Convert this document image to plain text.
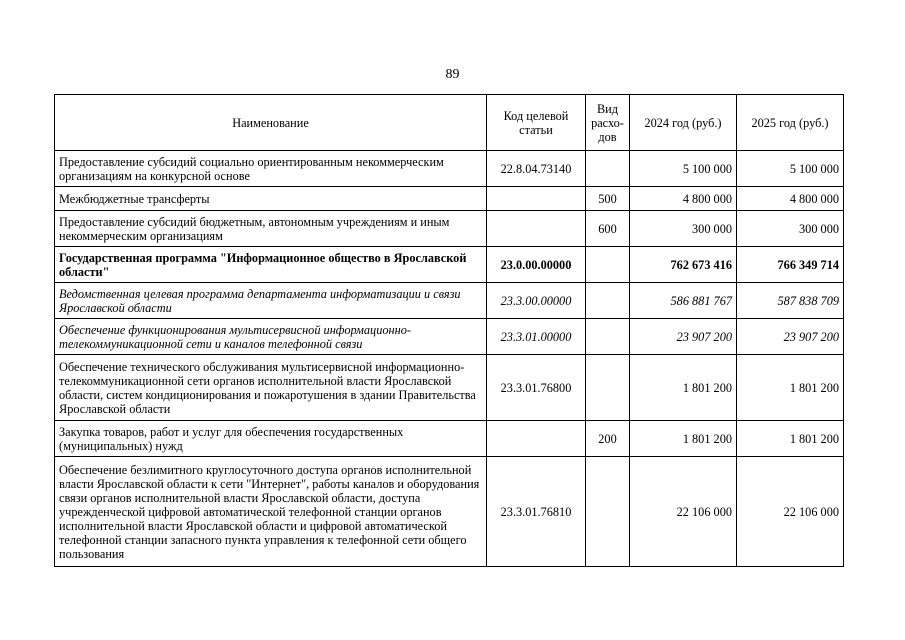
89
Наименование	Код целевой статьи	Вид расхо-дов	2024 год (руб.)	2025 год (руб.)
Предоставление субсидий социально ориентированным некоммерческим организациям на конкурсной основе	22.8.04.73140		5 100 000	5 100 000
Межбюджетные трансферты		500	4 800 000	4 800 000
Предоставление субсидий бюджетным, автономным учреждениям и иным некоммерческим организациям		600	300 000	300 000
Государственная программа "Информационное общество в Ярославской области"	23.0.00.00000		762 673 416	766 349 714
Ведомственная целевая программа департамента информатизации и связи Ярославской области	23.3.00.00000		586 881 767	587 838 709
Обеспечение функционирования мультисервисной информационно-телекоммуникационной сети и каналов телефонной связи	23.3.01.00000		23 907 200	23 907 200
Обеспечение технического обслуживания мультисервисной информационно-телекоммуникационной сети органов исполнительной власти Ярославской области, систем кондиционирования и пожаротушения в здании Правительства Ярославской области	23.3.01.76800		1 801 200	1 801 200
Закупка товаров, работ и услуг для обеспечения государственных (муниципальных) нужд		200	1 801 200	1 801 200
Обеспечение безлимитного круглосуточного доступа органов исполнительной власти Ярославской области к сети "Интернет", работы каналов и оборудования связи органов исполнительной власти Ярославской области, доступа учрежденческой цифровой автоматической телефонной станции органов исполнительной власти Ярославской области и цифровой автоматической телефонной станции запасного пункта управления к телефонной сети общего пользования	23.3.01.76810		22 106 000	22 106 000
